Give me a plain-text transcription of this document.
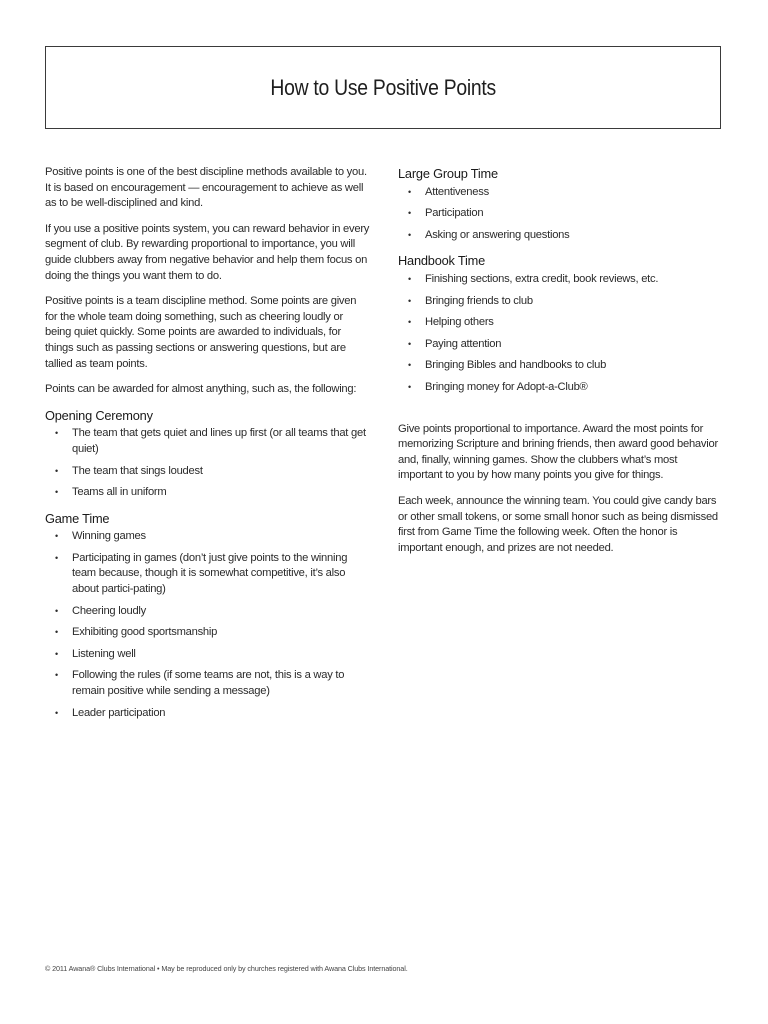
How to Use Positive Points

Positive points is one of the best discipline methods available to you. It is based on encouragement — encouragement to achieve as well as to be well-disciplined and kind.

If you use a positive points system, you can reward behavior in every segment of club. By rewarding proportional to importance, you will guide clubbers away from negative behavior and help them focus on doing the things you want them to do.

Positive points is a team discipline method. Some points are given for the whole team doing something, such as cheering loudly or being quiet quickly. Some points are awarded to individuals, for things such as passing sections or answering questions, but are tallied as team points.

Points can be awarded for almost anything, such as, the following:

Opening Ceremony
• The team that gets quiet and lines up first (or all teams that get quiet)
• The team that sings loudest
• Teams all in uniform
Game Time
• Winning games
• Participating in games (don’t just give points to the winning team because, though it is somewhat competitive, it’s also about partici-pating)
• Cheering loudly
• Exhibiting good sportsmanship
• Listening well
• Following the rules (if some teams are not, this is a way to remain positive while sending a message)
• Leader participation
Large Group Time
• Attentiveness
• Participation
• Asking or answering questions
Handbook Time
• Finishing sections, extra credit, book reviews, etc.
• Bringing friends to club
• Helping others
• Paying attention
• Bringing Bibles and handbooks to club
• Bringing money for Adopt-a-Club®

Give points proportional to importance. Award the most points for memorizing Scripture and brining friends, then award good behavior and, finally, winning games. Show the clubbers what’s most important to you by how many points you give for things.

Each week, announce the winning team. You could give candy bars or other small tokens, or some small honor such as being dismissed first from Game Time the following week. Often the honor is important enough, and prizes are not needed.

© 2011 Awana® Clubs International • May be reproduced only by churches registered with Awana Clubs International.
